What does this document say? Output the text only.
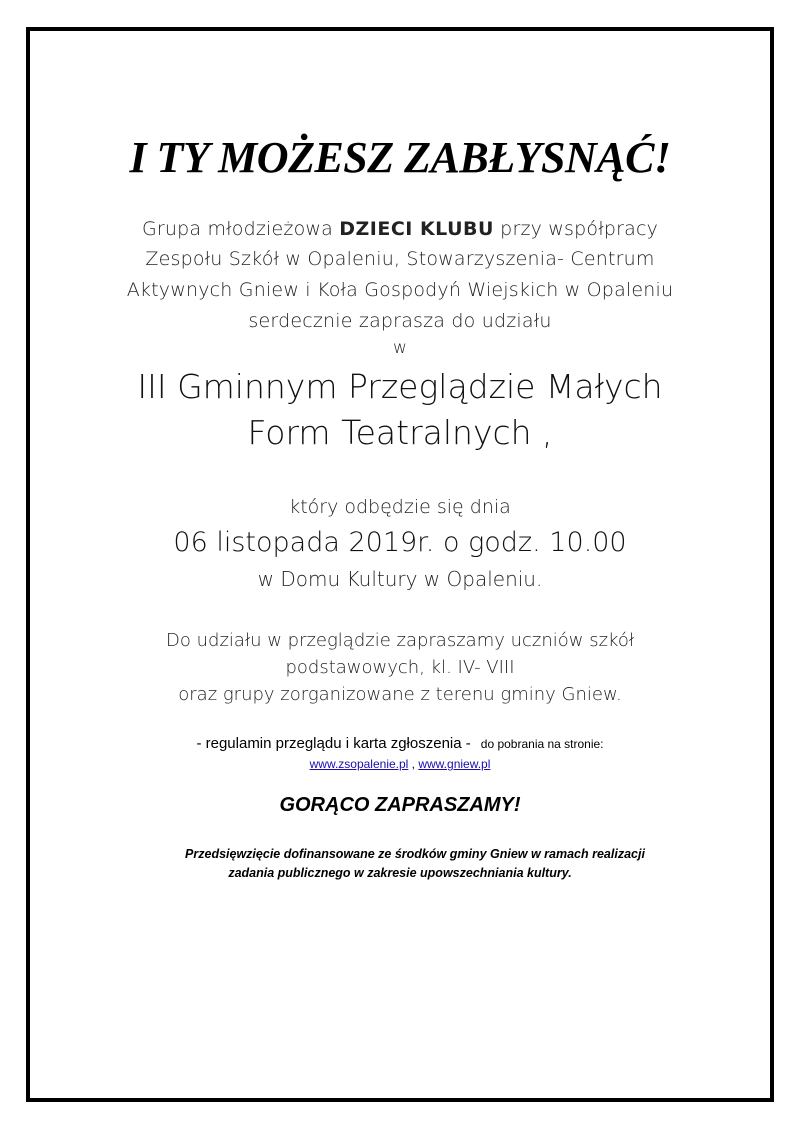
I TY MOŻESZ ZABŁYSNĄĆ!
Grupa młodzieżowa DZIECI KLUBU przy współpracy
Zespołu Szkół w Opaleniu, Stowarzyszenia- Centrum
Aktywnych Gniew i Koła Gospodyń Wiejskich w Opaleniu
serdecznie zaprasza do udziału
w
III Gminnym Przeglądzie Małych
Form Teatralnych ,
który odbędzie się dnia
06 listopada 2019r. o godz. 10.00
w Domu Kultury w Opaleniu.
Do udziału w przeglądzie zapraszamy uczniów szkół
podstawowych, kl. IV- VIII
oraz grupy zorganizowane z terenu gminy Gniew.
- regulamin przeglądu i karta zgłoszenia - do pobrania na stronie:
www.zsopalenie.pl , www.gniew.pl
GORĄCO ZAPRASZAMY!
Przedsięwzięcie dofinansowane ze środków gminy Gniew w ramach realizacji
zadania publicznego w zakresie upowszechniania kultury.
